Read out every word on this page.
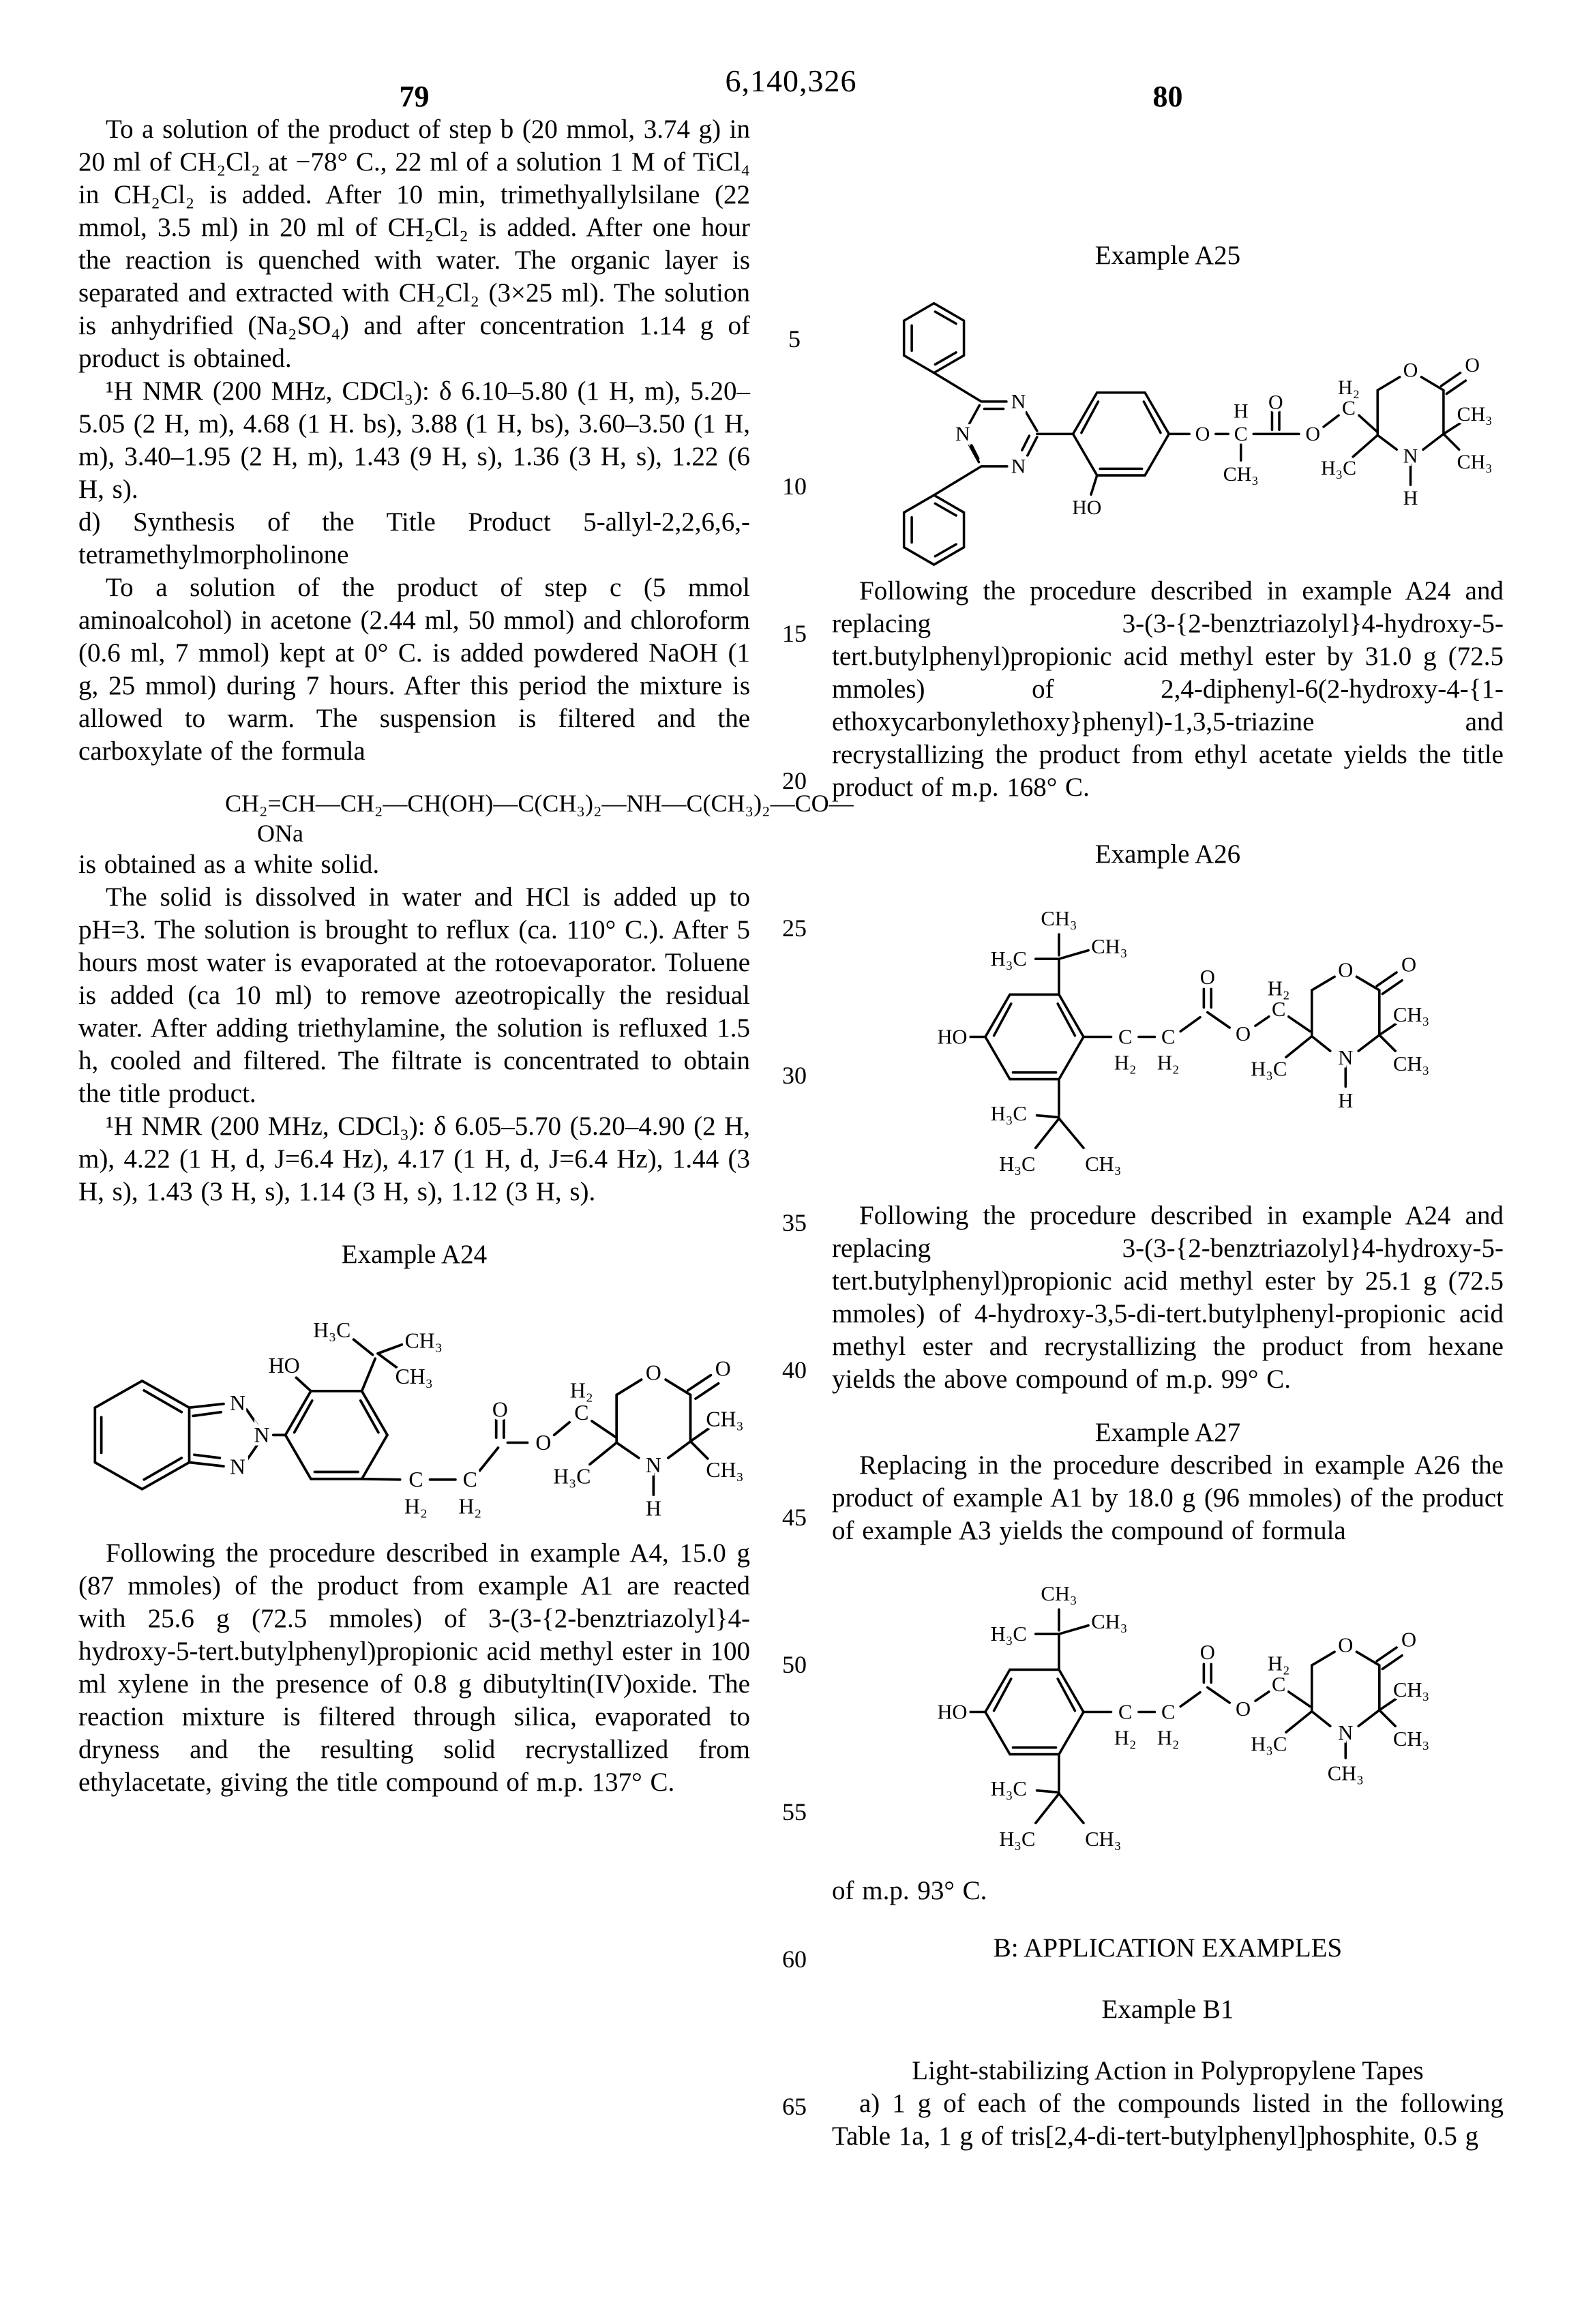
6,140,326
5
10
15
20
25
30
35
40
45
50
55
60
65
79

To a solution of the product of step b (20 mmol, 3.74 g) in 20 ml of CH₂Cl₂ at −78° C., 22 ml of a solution 1 M of TiCl₄ in CH₂Cl₂ is added. After 10 min, trimethyallylsilane (22 mmol, 3.5 ml) in 20 ml of CH₂Cl₂ is added. After one hour the reaction is quenched with water. The organic layer is separated and extracted with CH₂Cl₂ (3×25 ml). The solution is anhydrified (Na₂SO₄) and after concentration 1.14 g of product is obtained.

¹H NMR (200 MHz, CDCl₃): δ 6.10–5.80 (1 H, m), 5.20–5.05 (2 H, m), 4.68 (1 H. bs), 3.88 (1 H, bs), 3.60–3.50 (1 H, m), 3.40–1.95 (2 H, m), 1.43 (9 H, s), 1.36 (3 H, s), 1.22 (6 H, s).

d) Synthesis of the Title Product 5-allyl-2,2,6,6,-tetramethylmorpholinone

To a solution of the product of step c (5 mmol aminoalcohol) in acetone (2.44 ml, 50 mmol) and chloroform (0.6 ml, 7 mmol) kept at 0° C. is added powdered NaOH (1 g, 25 mmol) during 7 hours. After this period the mixture is allowed to warm. The suspension is filtered and the carboxylate of the formula

CH₂=CH—CH₂—CH(OH)—C(CH₃)₂—NH—C(CH₃)₂—CO—
ONa

is obtained as a white solid.

The solid is dissolved in water and HCl is added up to pH=3. The solution is brought to reflux (ca. 110° C.). After 5 hours most water is evaporated at the rotoevaporator. Toluene is added (ca 10 ml) to remove azeotropically the residual water. After adding triethylamine, the solution is refluxed 1.5 h, cooled and filtered. The filtrate is concentrated to obtain the title product.

¹H NMR (200 MHz, CDCl₃): δ 6.05–5.70 (5.20–4.90 (2 H, m), 4.22 (1 H, d, J=6.4 Hz), 4.17 (1 H, d, J=6.4 Hz), 1.44 (3 H, s), 1.43 (3 H, s), 1.14 (3 H, s), 1.12 (3 H, s).

Example A24

N
N
N
HO
H₃C CH₃
CH₃
C
H₂
C
H₂
O
O
C
H₂
O O
CH₃
CH₃
N
H
H₃C

Following the procedure described in example A4, 15.0 g (87 mmoles) of the product from example A1 are reacted with 25.6 g (72.5 mmoles) of 3-(3-{2-benztriazolyl}4-hydroxy-5-tert.butylphenyl)propionic acid methyl ester in 100 ml xylene in the presence of 0.8 g dibutyltin(IV)oxide. The reaction mixture is filtered through silica, evaporated to dryness and the resulting solid recrystallized from ethylacetate, giving the title compound of m.p. 137° C.

80

Example A25

N
N
N
HO
O
H
C
CH₃
O
O
C
H₂
O O
CH₃
CH₃
N
H
H₃C

Following the procedure described in example A24 and replacing 3-(3-{2-benztriazolyl}4-hydroxy-5-tert.butylphenyl)propionic acid methyl ester by 31.0 g (72.5 mmoles) of 2,4-diphenyl-6(2-hydroxy-4-{1-ethoxycarbonylethoxy}phenyl)-1,3,5-triazine and recrystallizing the product from ethyl acetate yields the title product of m.p. 168° C.

Example A26

CH₃
CH₃
H₃C
HO
H₃C
H₃C CH₃
C
H₂
C
H₂
O
O
C
H₂
O O
CH₃
CH₃
N
H
H₃C

Following the procedure described in example A24 and replacing 3-(3-{2-benztriazolyl}4-hydroxy-5-tert.butylphenyl)propionic acid methyl ester by 25.1 g (72.5 mmoles) of 4-hydroxy-3,5-di-tert.butylphenyl-propionic acid methyl ester and recrystallizing the product from hexane yields the above compound of m.p. 99° C.

Example A27

Replacing in the procedure described in example A26 the product of example A1 by 18.0 g (96 mmoles) of the product of example A3 yields the compound of formula

CH₃
CH₃
H₃C
HO
H₃C
H₃C CH₃
C
H₂
C
H₂
O
O
C
H₂
O O
CH₃
CH₃
N
CH₃
H₃C

of m.p. 93° C.

B: APPLICATION EXAMPLES

Example B1

Light-stabilizing Action in Polypropylene Tapes

a) 1 g of each of the compounds listed in the following Table 1a, 1 g of tris[2,4-di-tert-butylphenyl]phosphite, 0.5 g
